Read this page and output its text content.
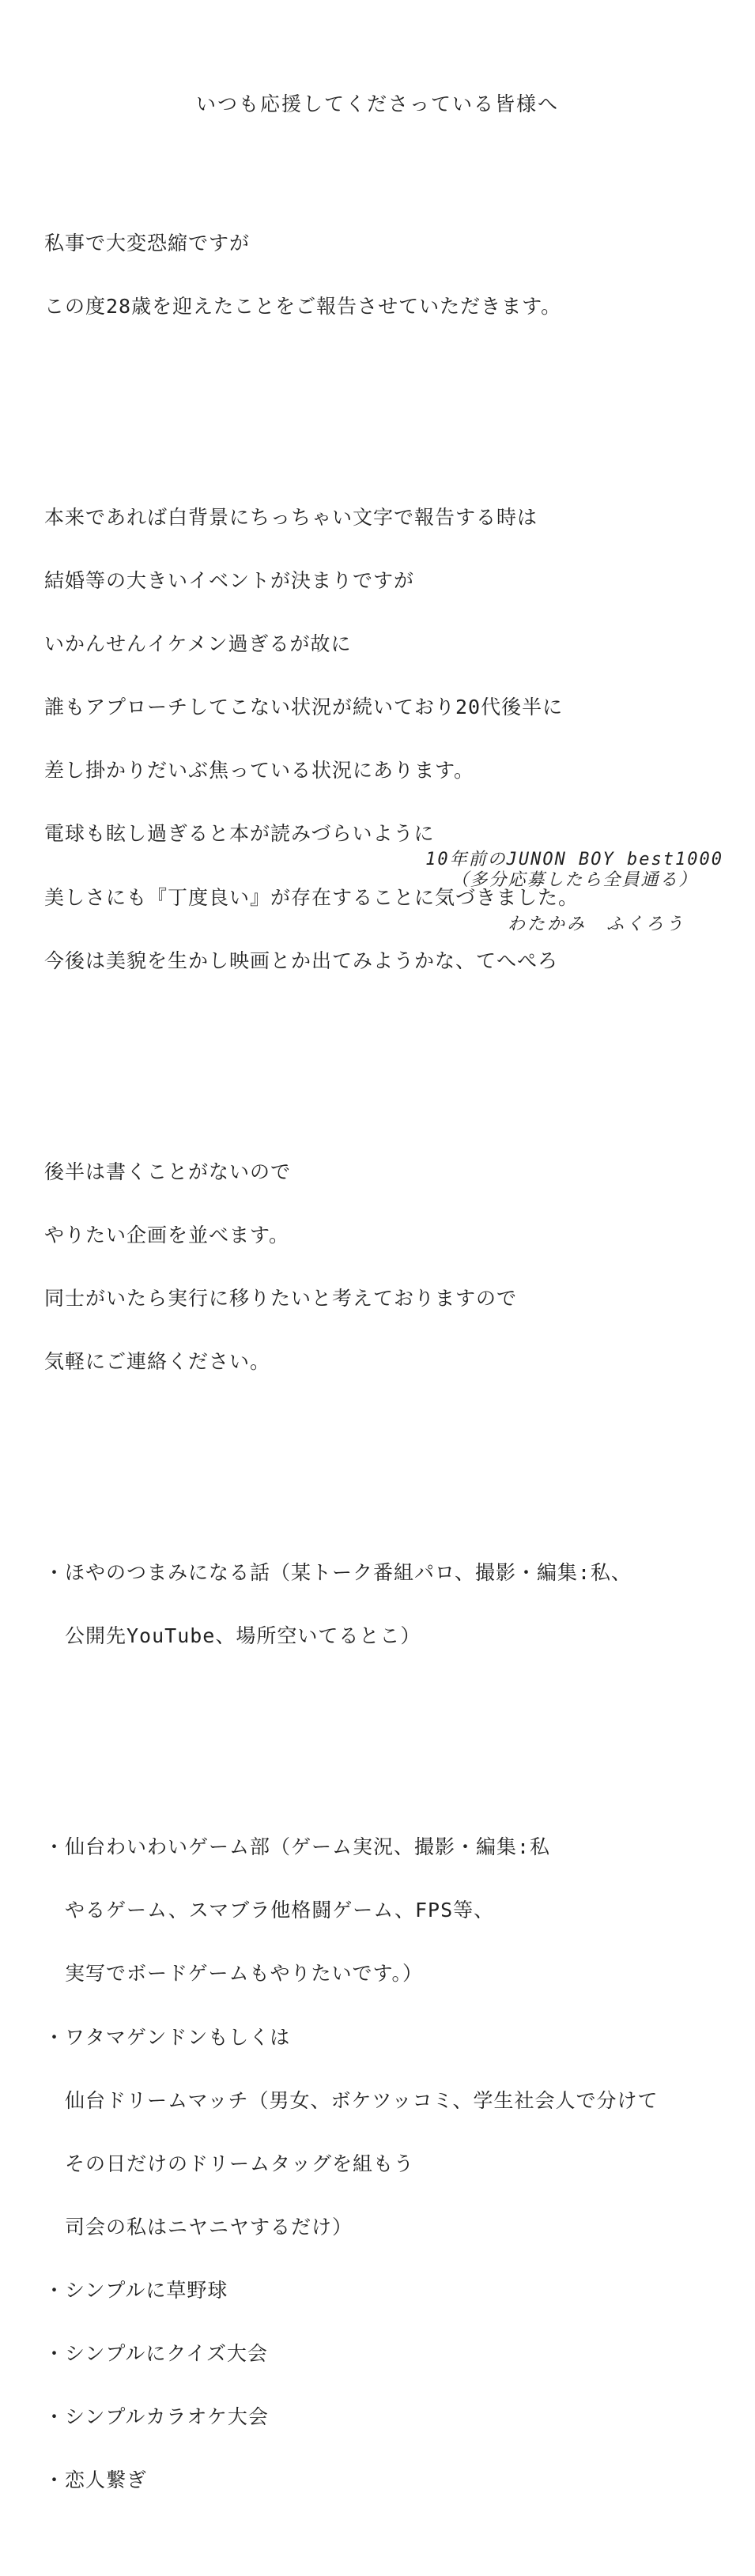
いつも応援してくださっている皆様へ

私事で大変恐縮ですが

この度28歳を迎えたことをご報告させていただきます。

本来であれば白背景にちっちゃい文字で報告する時は

結婚等の大きいイベントが決まりですが

いかんせんイケメン過ぎるが故に

誰もアプローチしてこない状況が続いており20代後半に

差し掛かりだいぶ焦っている状況にあります。

電球も眩し過ぎると本が読みづらいように

美しさにも『丁度良い』が存在することに気づきました。

今後は美貌を生かし映画とか出てみようかな、てへぺろ

後半は書くことがないので

やりたい企画を並べます。

同士がいたら実行に移りたいと考えておりますので

気軽にご連絡ください。

・ほやのつまみになる話（某トーク番組パロ、撮影・編集:私、

公開先YouTube、場所空いてるとこ）

・仙台わいわいゲーム部（ゲーム実況、撮影・編集:私

やるゲーム、スマブラ他格闘ゲーム、FPS等、

実写でボードゲームもやりたいです。）

・ワタマゲンドンもしくは

仙台ドリームマッチ（男女、ボケツッコミ、学生社会人で分けて

その日だけのドリームタッグを組もう

司会の私はニヤニヤするだけ）

・シンプルに草野球

・シンプルにクイズ大会

・シンプルカラオケ大会

・恋人繋ぎ

10年前のJUNON BOY best1000
（多分応募したら全員通る）
わたかみ　ふくろう
